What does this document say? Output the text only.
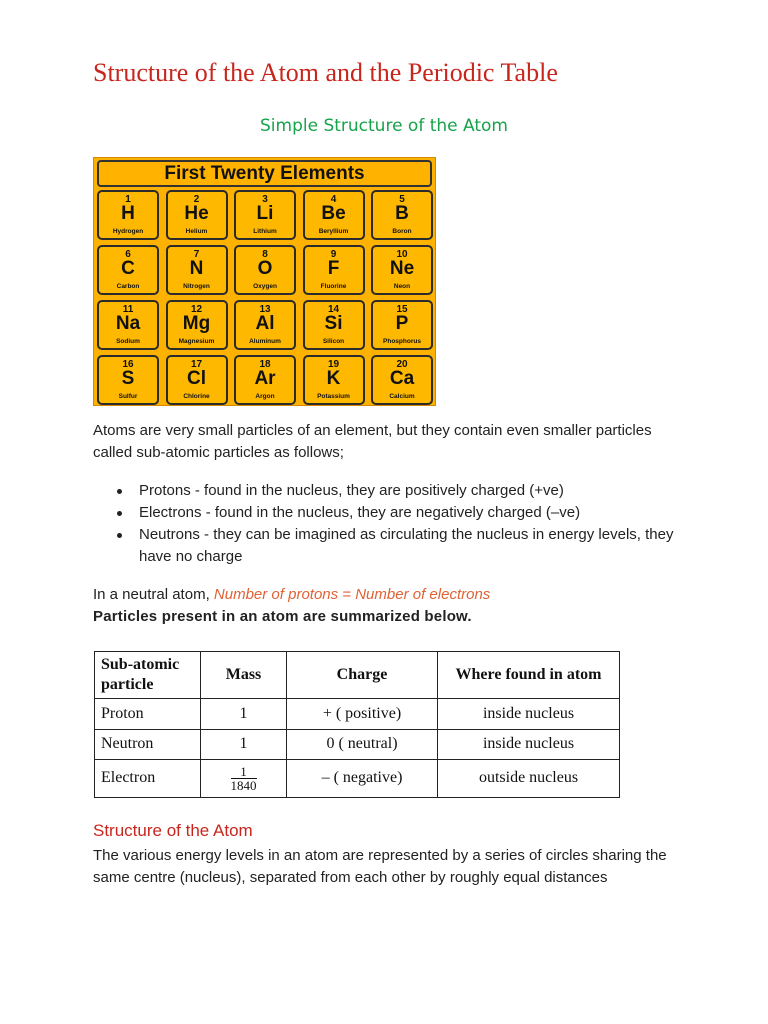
Structure of the Atom and the Periodic Table
Simple Structure of the Atom
First Twenty Elements
1
H
Hydrogen
2
He
Helium
3
Li
Lithium
4
Be
Beryllium
5
B
Boron
6
C
Carbon
7
N
Nitrogen
8
O
Oxygen
9
F
Fluorine
10
Ne
Neon
11
Na
Sodium
12
Mg
Magnesium
13
Al
Aluminum
14
Si
Silicon
15
P
Phosphorus
16
S
Sulfur
17
Cl
Chlorine
18
Ar
Argon
19
K
Potassium
20
Ca
Calcium

Atoms are very small particles of an element, but they contain even smaller particles called sub-atomic particles as follows;

Protons - found in the nucleus, they are positively charged (+ve)
Electrons - found in the nucleus, they are negatively charged (–ve)
Neutrons - they can be imagined as circulating the nucleus in energy levels, they have no charge
In a neutral atom, Number of protons = Number of electrons
Particles present in an atom are summarized below.
Sub-atomic particle	Mass	Charge	Where found in atom
Proton	1	+ ( positive)	inside nucleus
Neutron	1	0 ( neutral)	inside nucleus
Electron	$\frac{1}{1840}$	– ( negative)	outside nucleus
Structure of the Atom

The various energy levels in an atom are represented by a series of circles sharing the same centre (nucleus), separated from each other by roughly equal distances
